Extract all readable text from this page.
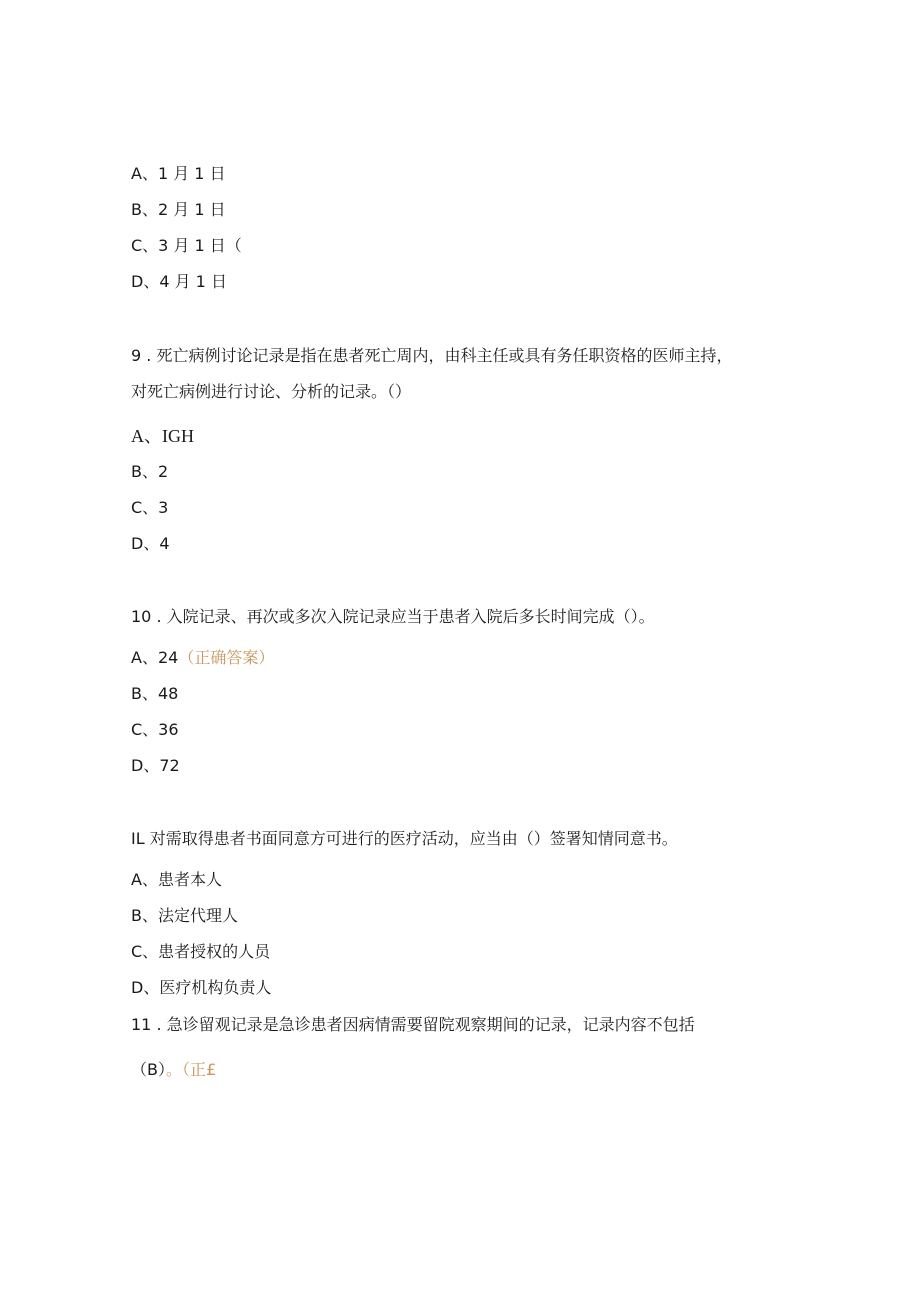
A、1 月 1 日
B、2 月 1 日
C、3 月 1 日（
D、4 月 1 日
9 . 死亡病例讨论记录是指在患者死亡周内，由科主任或具有务任职资格的医师主持，
对死亡病例进行讨论、分析的记录。（）
A、IGH
B、2
C、3
D、4
10 . 入院记录、再次或多次入院记录应当于患者入院后多长时间完成（）。
A、24（正确答案）
B、48
C、36
D、72
IL 对需取得患者书面同意方可进行的医疗活动，应当由（）签署知情同意书。
A、患者本人
B、法定代理人
C、患者授权的人员
D、医疗机构负责人
11 . 急诊留观记录是急诊患者因病情需要留院观察期间的记录，记录内容不包括
（B）。（正£
